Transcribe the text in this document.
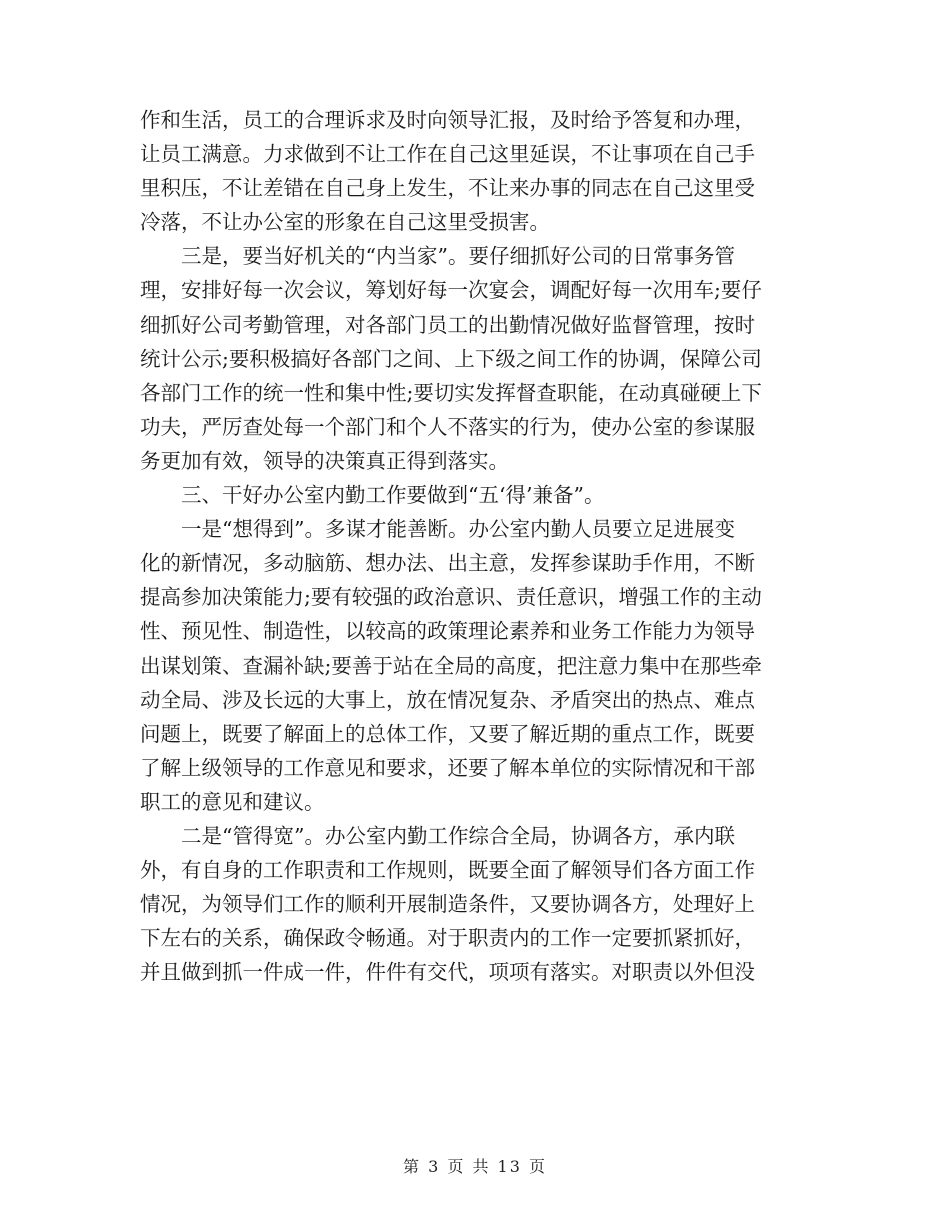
作和生活，员工的合理诉求及时向领导汇报，及时给予答复和办理，
让员工满意。力求做到不让工作在自己这里延误，不让事项在自己手
里积压，不让差错在自己身上发生，不让来办事的同志在自己这里受
冷落，不让办公室的形象在自己这里受损害。
　　三是，要当好机关的“内当家”。要仔细抓好公司的日常事务管
理，安排好每一次会议，筹划好每一次宴会，调配好每一次用车;要仔
细抓好公司考勤管理，对各部门员工的出勤情况做好监督管理，按时
统计公示;要积极搞好各部门之间、上下级之间工作的协调，保障公司
各部门工作的统一性和集中性;要切实发挥督查职能，在动真碰硬上下
功夫，严厉查处每一个部门和个人不落实的行为，使办公室的参谋服
务更加有效，领导的决策真正得到落实。
　　三、干好办公室内勤工作要做到“五‘得’兼备”。
　　一是“想得到”。多谋才能善断。办公室内勤人员要立足进展变
化的新情况，多动脑筋、想办法、出主意，发挥参谋助手作用，不断
提高参加决策能力;要有较强的政治意识、责任意识，增强工作的主动
性、预见性、制造性，以较高的政策理论素养和业务工作能力为领导
出谋划策、查漏补缺;要善于站在全局的高度，把注意力集中在那些牵
动全局、涉及长远的大事上，放在情况复杂、矛盾突出的热点、难点
问题上，既要了解面上的总体工作，又要了解近期的重点工作，既要
了解上级领导的工作意见和要求，还要了解本单位的实际情况和干部
职工的意见和建议。
　　二是“管得宽”。办公室内勤工作综合全局，协调各方，承内联
外，有自身的工作职责和工作规则，既要全面了解领导们各方面工作
情况，为领导们工作的顺利开展制造条件，又要协调各方，处理好上
下左右的关系，确保政令畅通。对于职责内的工作一定要抓紧抓好，
并且做到抓一件成一件，件件有交代，项项有落实。对职责以外但没
第 3 页 共 13 页
